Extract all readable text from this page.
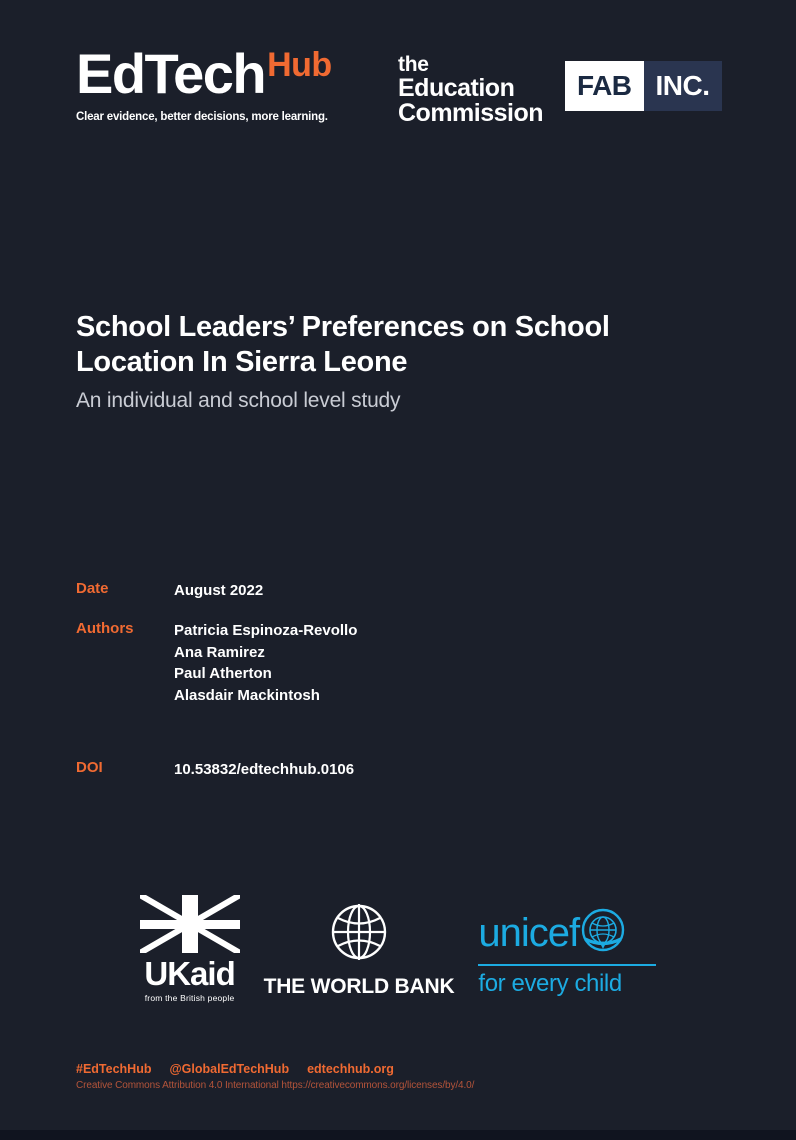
EdTech Hub
Clear evidence, better decisions, more learning.
the
Education
Commission
FAB INC.
School Leaders’ Preferences on School Location In Sierra Leone
An individual and school level study
Date	August 2022
Authors	Patricia Espinoza-Revollo
Ana Ramirez
Paul Atherton
Alasdair Mackintosh
DOI	10.53832/edtechhub.0106
UKaid
from the British people THE WORLD BANK
unicef
for every child
#EdTechHub @GlobalEdTechHub edtechhub.org
Creative Commons Attribution 4.0 International https://creativecommons.org/licenses/by/4.0/
